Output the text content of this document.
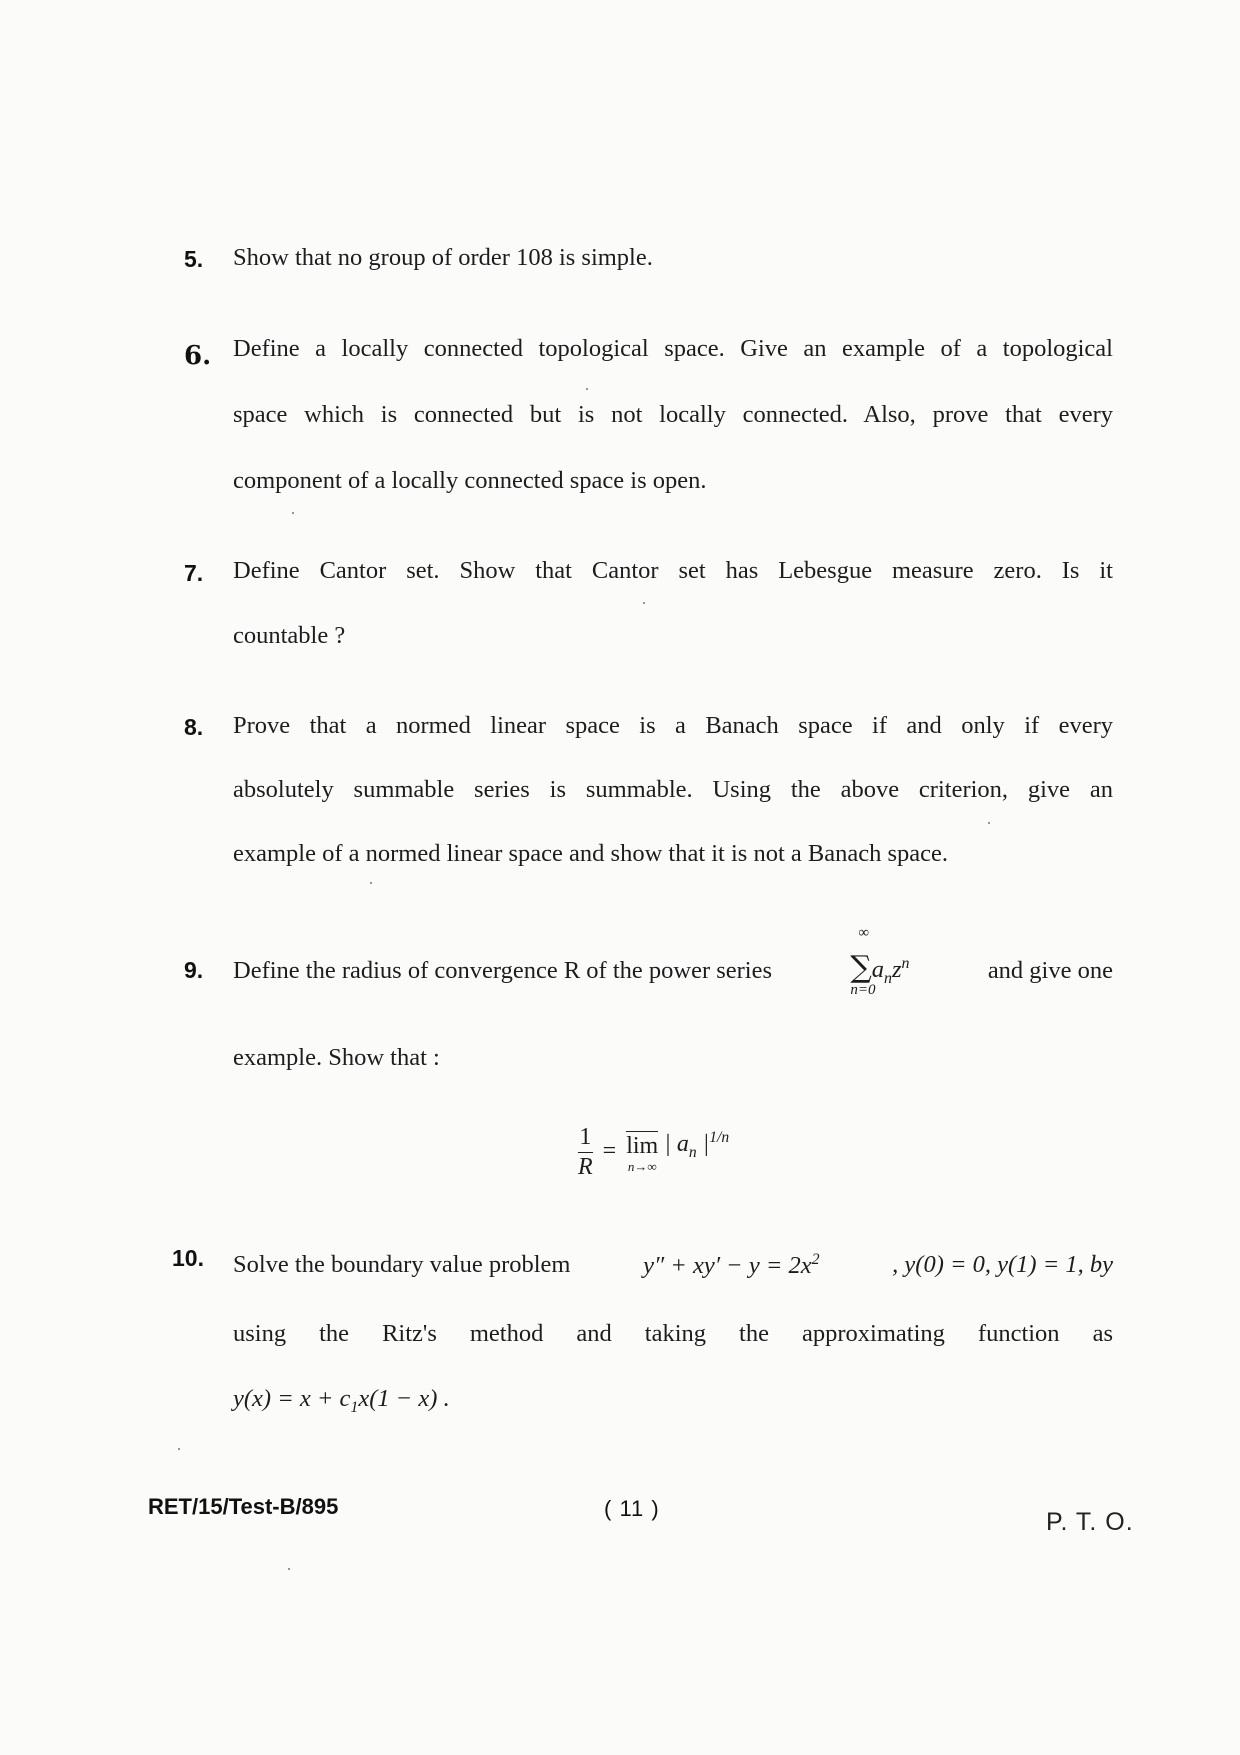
5. Show that no group of order 108 is simple.
6. Define a locally connected topological space. Give an example of a topological
space which is connected but is not locally connected. Also, prove that every
component of a locally connected space is open.
7. Define Cantor set. Show that Cantor set has Lebesgue measure zero. Is it
countable ?
8. Prove that a normed linear space is a Banach space if and only if every
absolutely summable series is summable. Using the above criterion, give an
example of a normed linear space and show that it is not a Banach space.
9. Define the radius of convergence R of the power series
∞
$\sum a_nz^n$
n=0
and give one
example. Show that :
$\frac{1}{R} = \lim$
n→∞
| $a_n$ $|^{1/n}$
10. Solve the boundary value problem	$y'' + xy' - y = 2x^2$	, y(0) = 0, y(1) = 1, by
using the Ritz's method and taking the approximating function as
$y(x) = x + c_1x(1 - x)$ .
RET/15/Test-B/895	( 11 )	P. T. O.
